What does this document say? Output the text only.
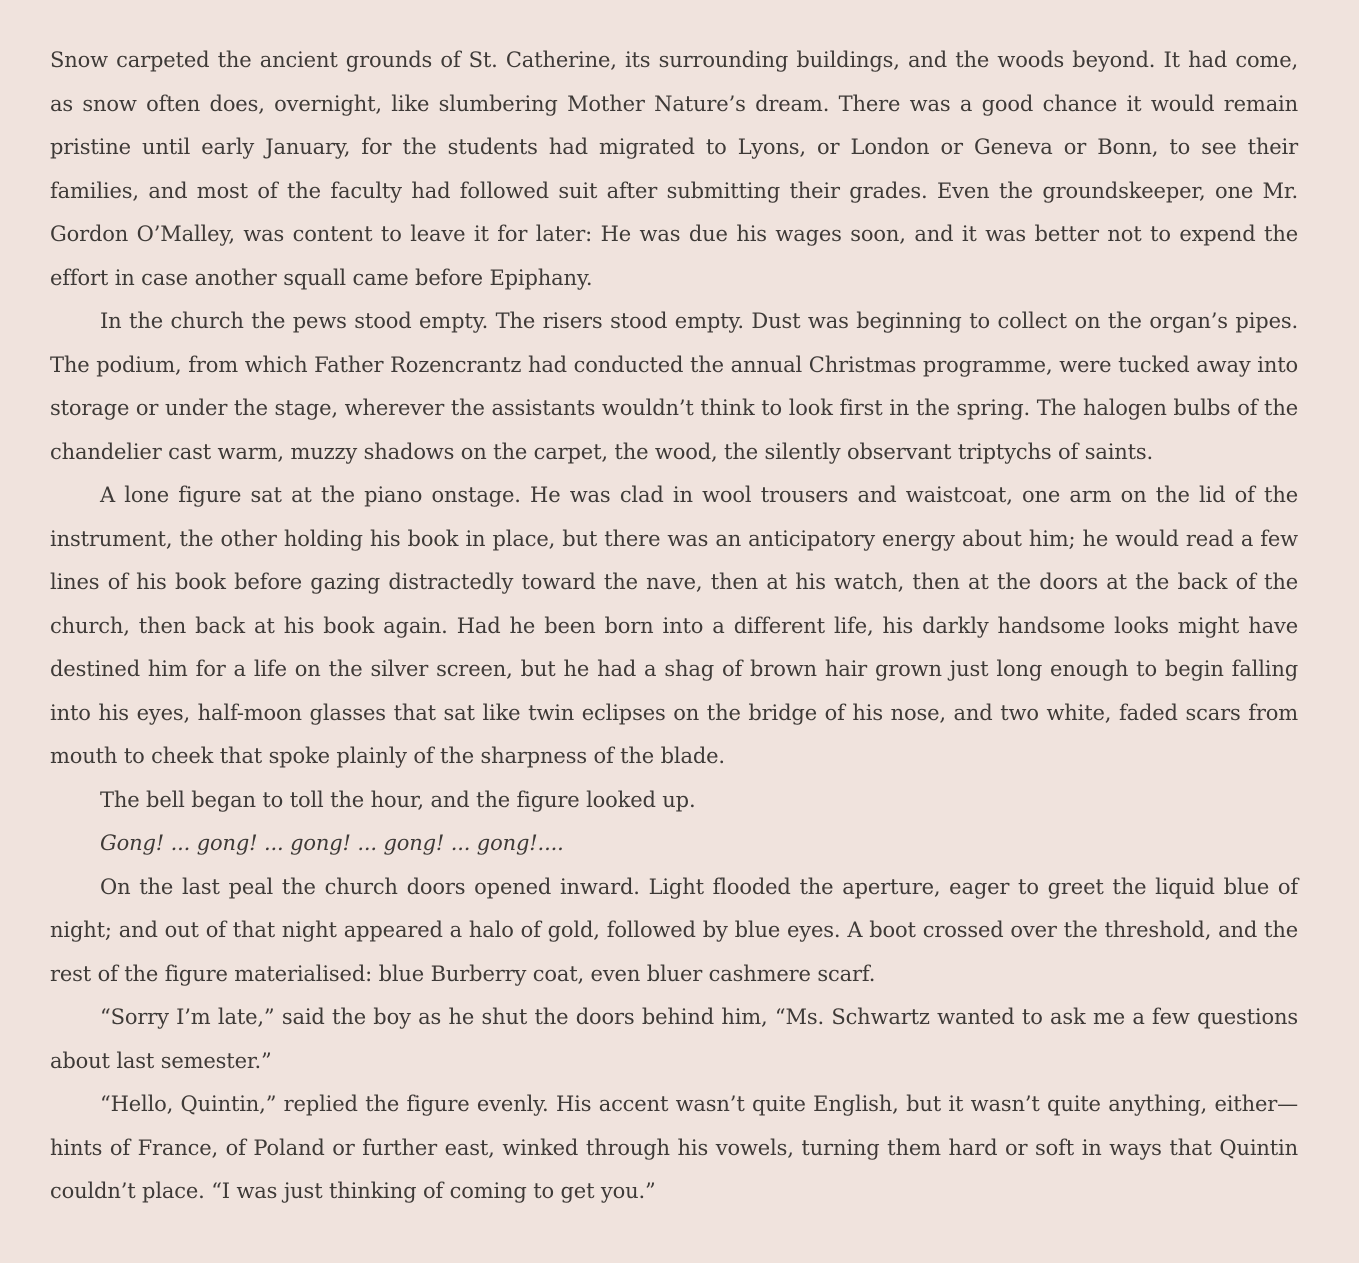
Snow carpeted the ancient grounds of St. Catherine, its surrounding buildings, and the woods beyond. It had come, as snow often does, overnight, like slumbering Mother Nature’s dream. There was a good chance it would remain pristine until early January, for the students had migrated to Lyons, or London or Geneva or Bonn, to see their families, and most of the faculty had followed suit after submitting their grades. Even the groundskeeper, one Mr. Gordon O’Malley, was content to leave it for later: He was due his wages soon, and it was better not to expend the effort in case another squall came before Epiphany.

In the church the pews stood empty. The risers stood empty. Dust was beginning to collect on the organ’s pipes. The podium, from which Father Rozencrantz had conducted the annual Christmas programme, were tucked away into storage or under the stage, wherever the assistants wouldn’t think to look first in the spring. The halogen bulbs of the chandelier cast warm, muzzy shadows on the carpet, the wood, the silently observant triptychs of saints.

A lone figure sat at the piano onstage. He was clad in wool trousers and waistcoat, one arm on the lid of the instrument, the other holding his book in place, but there was an anticipatory energy about him; he would read a few lines of his book before gazing distractedly toward the nave, then at his watch, then at the doors at the back of the church, then back at his book again. Had he been born into a different life, his darkly handsome looks might have destined him for a life on the silver screen, but he had a shag of brown hair grown just long enough to begin falling into his eyes, half-moon glasses that sat like twin eclipses on the bridge of his nose, and two white, faded scars from mouth to cheek that spoke plainly of the sharpness of the blade.

The bell began to toll the hour, and the figure looked up.

Gong! ... gong! ... gong! ... gong! ... gong!....

On the last peal the church doors opened inward. Light flooded the aperture, eager to greet the liquid blue of night; and out of that night appeared a halo of gold, followed by blue eyes. A boot crossed over the threshold, and the rest of the figure materialised: blue Burberry coat, even bluer cashmere scarf.

“Sorry I’m late,” said the boy as he shut the doors behind him, “Ms. Schwartz wanted to ask me a few questions about last semester.”

“Hello, Quintin,” replied the figure evenly. His accent wasn’t quite English, but it wasn’t quite anything, either—hints of France, of Poland or further east, winked through his vowels, turning them hard or soft in ways that Quintin couldn’t place. “I was just thinking of coming to get you.”
